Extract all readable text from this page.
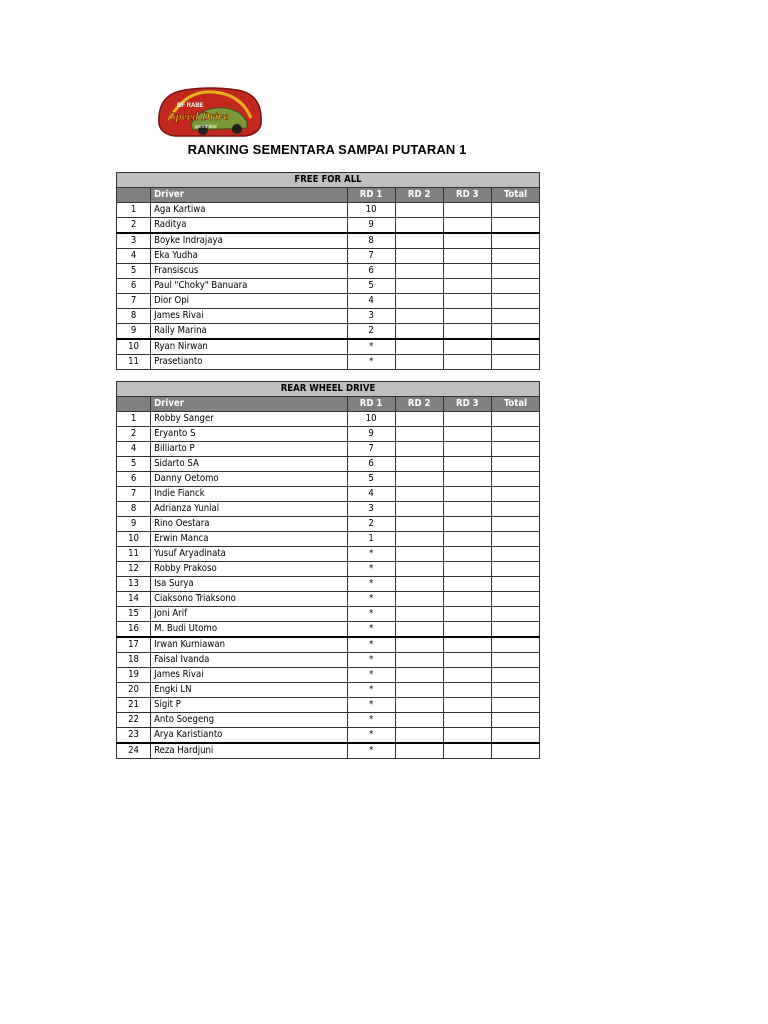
BF RABE
Speed Drive
sprint test
RANKING SEMENTARA SAMPAI PUTARAN 1
FREE FOR ALL					
	Driver	RD 1	RD 2	RD 3	Total
1	Aga Kartiwa	10			
2	Raditya	9			
3	Boyke Indrajaya	8			
4	Eka Yudha	7			
5	Fransiscus	6			
6	Paul "Choky" Banuara	5			
7	Dior Opi	4			
8	James Rivai	3			
9	Rally Marina	2			
10	Ryan Nirwan	*			
11	Prasetianto	*			
REAR WHEEL DRIVE					
	Driver	RD 1	RD 2	RD 3	Total
1	Robby Sanger	10			
2	Eryanto S	9			
4	Billiarto P	7			
5	Sidarto SA	6			
6	Danny Oetomo	5			
7	Indie Fianck	4			
8	Adrianza Yunial	3			
9	Rino Oestara	2			
10	Erwin Manca	1			
11	Yusuf Aryadinata	*			
12	Robby Prakoso	*			
13	Isa Surya	*			
14	Ciaksono Triaksono	*			
15	Joni Arif	*			
16	M. Budi Utomo	*			
17	Irwan Kurniawan	*			
18	Faisal Ivanda	*			
19	James Rivai	*			
20	Engki LN	*			
21	Sigit P	*			
22	Anto Soegeng	*			
23	Arya Karistianto	*			
24	Reza Hardjuni	*			
